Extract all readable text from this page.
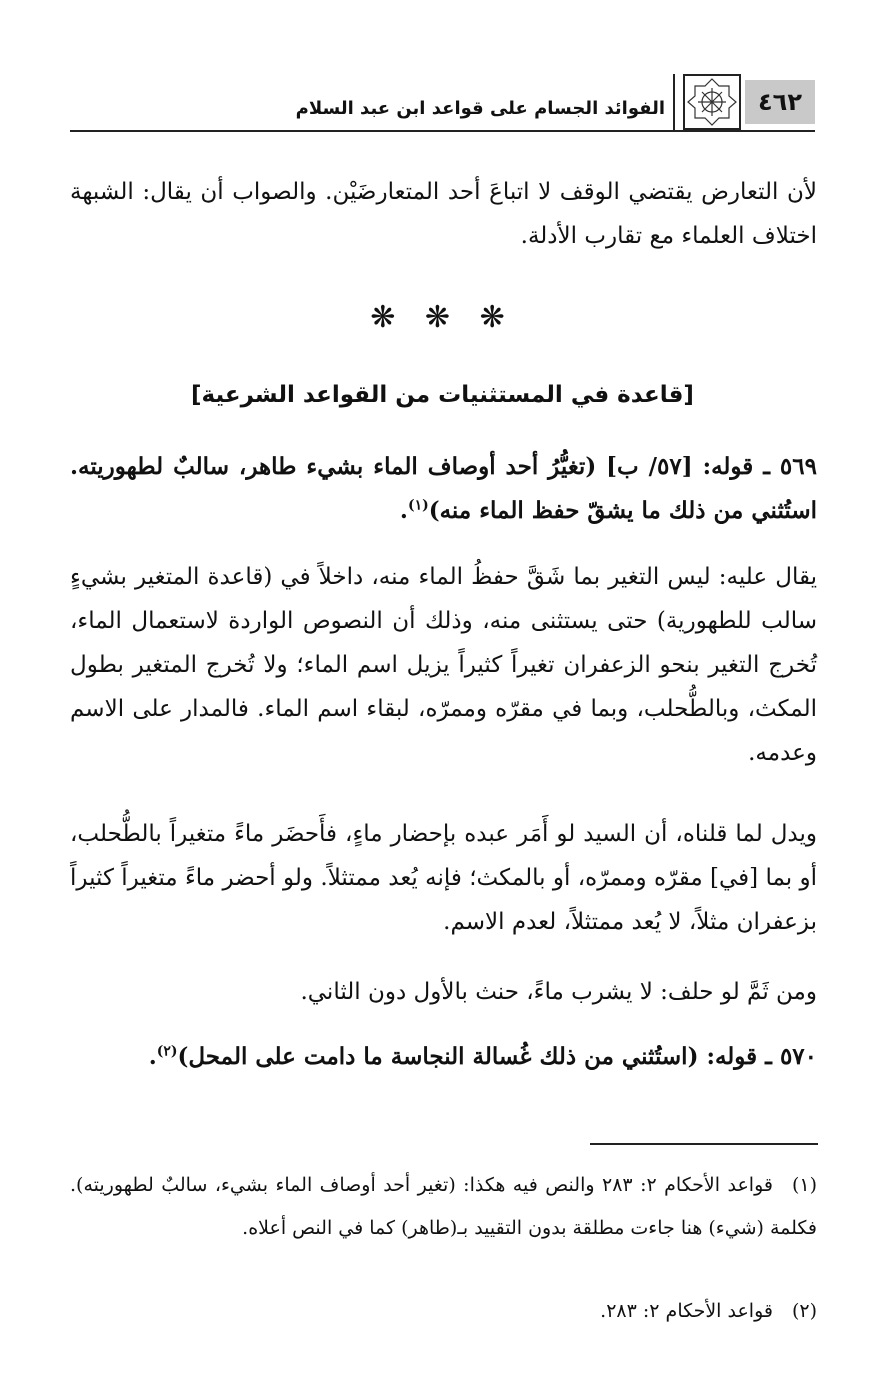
٤٦٢
الفوائد الجسام على قواعد ابن عبد السلام
لأن التعارض يقتضي الوقف لا اتباعَ أحد المتعارضَيْن. والصواب أن يقال: الشبهة اختلاف العلماء مع تقارب الأدلة.
❋ ❋ ❋
[قاعدة في المستثنيات من القواعد الشرعية]
٥٦٩ ـ قوله: [٥٧/ ب] (تغيُّرُ أحد أوصاف الماء بشيء طاهر، سالبٌ لطهوريته. استُثني من ذلك ما يشقّ حفظ الماء منه)$^{(١)}$.
يقال عليه: ليس التغير بما شَقَّ حفظُ الماء منه، داخلاً في (قاعدة المتغير بشيءٍ سالب للطهورية) حتى يستثنى منه، وذلك أن النصوص الواردة لاستعمال الماء، تُخرج التغير بنحو الزعفران تغيراً كثيراً يزيل اسم الماء؛ ولا تُخرج المتغير بطول المكث، وبالطُّحلب، وبما في مقرّه وممرّه، لبقاء اسم الماء. فالمدار على الاسم وعدمه.
ويدل لما قلناه، أن السيد لو أَمَر عبده بإحضار ماءٍ، فأَحضَر ماءً متغيراً بالطُّحلب، أو بما [في] مقرّه وممرّه، أو بالمكث؛ فإنه يُعد ممتثلاً. ولو أحضر ماءً متغيراً كثيراً بزعفران مثلاً، لا يُعد ممتثلاً، لعدم الاسم.
ومن ثَمَّ لو حلف: لا يشرب ماءً، حنث بالأول دون الثاني.
٥٧٠ ـ قوله: (استُثني من ذلك غُسالة النجاسة ما دامت على المحل)$^{(٢)}$.
(١)قواعد الأحكام ٢: ٢٨٣ والنص فيه هكذا: (تغير أحد أوصاف الماء بشيء، سالبٌ لطهوريته). فكلمة (شيء) هنا جاءت مطلقة بدون التقييد بـ(طاهر) كما في النص أعلاه.
(٢)قواعد الأحكام ٢: ٢٨٣.
